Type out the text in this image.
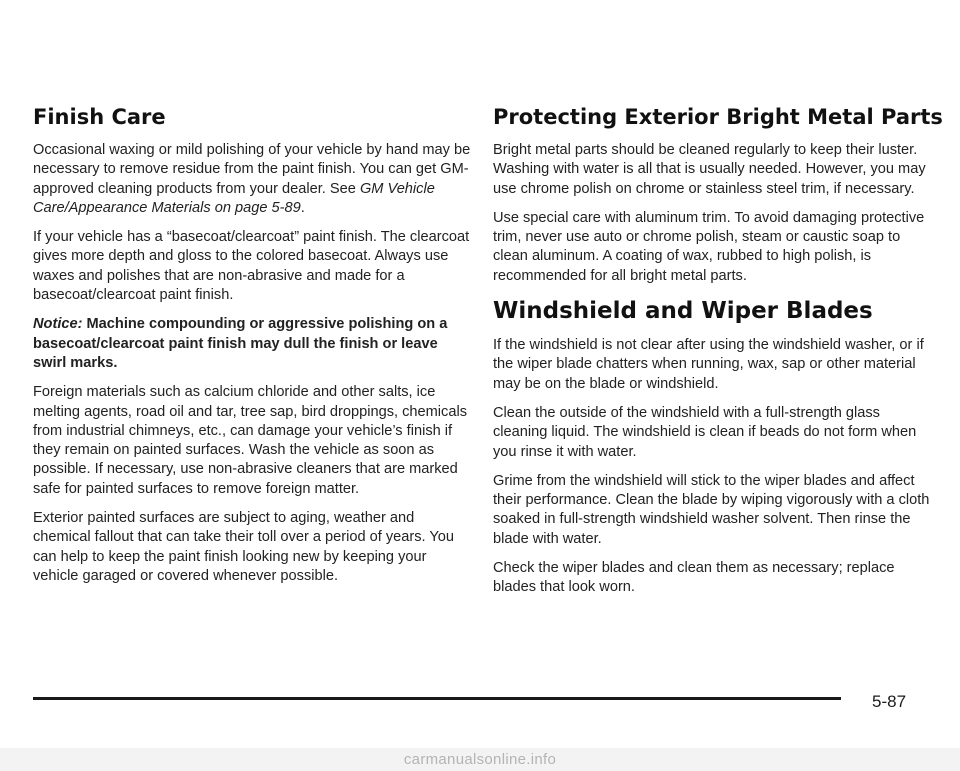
Finish Care

Occasional waxing or mild polishing of your vehicle by hand may be necessary to remove residue from the paint finish. You can get GM-approved cleaning products from your dealer. See GM Vehicle Care/Appearance Materials on page 5-89.

If your vehicle has a “basecoat/clearcoat” paint finish. The clearcoat gives more depth and gloss to the colored basecoat. Always use waxes and polishes that are non-abrasive and made for a basecoat/clearcoat paint finish.

Notice: Machine compounding or aggressive polishing on a basecoat/clearcoat paint finish may dull the finish or leave swirl marks.

Foreign materials such as calcium chloride and other salts, ice melting agents, road oil and tar, tree sap, bird droppings, chemicals from industrial chimneys, etc., can damage your vehicle’s finish if they remain on painted surfaces. Wash the vehicle as soon as possible. If necessary, use non-abrasive cleaners that are marked safe for painted surfaces to remove foreign matter.

Exterior painted surfaces are subject to aging, weather and chemical fallout that can take their toll over a period of years. You can help to keep the paint finish looking new by keeping your vehicle garaged or covered whenever possible.

Protecting Exterior Bright Metal Parts

Bright metal parts should be cleaned regularly to keep their luster. Washing with water is all that is usually needed. However, you may use chrome polish on chrome or stainless steel trim, if necessary.

Use special care with aluminum trim. To avoid damaging protective trim, never use auto or chrome polish, steam or caustic soap to clean aluminum. A coating of wax, rubbed to high polish, is recommended for all bright metal parts.

Windshield and Wiper Blades

If the windshield is not clear after using the windshield washer, or if the wiper blade chatters when running, wax, sap or other material may be on the blade or windshield.

Clean the outside of the windshield with a full-strength glass cleaning liquid. The windshield is clean if beads do not form when you rinse it with water.

Grime from the windshield will stick to the wiper blades and affect their performance. Clean the blade by wiping vigorously with a cloth soaked in full-strength windshield washer solvent. Then rinse the blade with water.

Check the wiper blades and clean them as necessary; replace blades that look worn.

5-87
carmanualsonline.info
